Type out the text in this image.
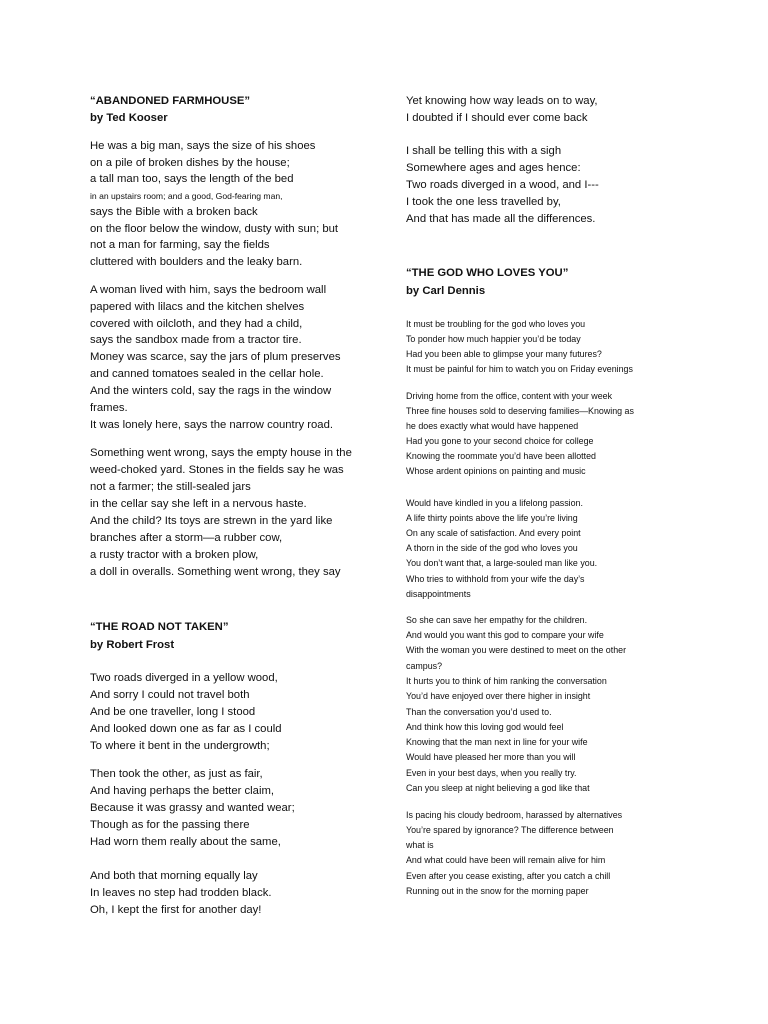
“ABANDONED FARMHOUSE”
by Ted Kooser
He was a big man, says the size of his shoes
on a pile of broken dishes by the house;
a tall man too, says the length of the bed
in an upstairs room; and a good, God-fearing man,
says the Bible with a broken back
on the floor below the window, dusty with sun; but
not a man for farming, say the fields
cluttered with boulders and the leaky barn.
A woman lived with him, says the bedroom wall
papered with lilacs and the kitchen shelves
covered with oilcloth, and they had a child,
says the sandbox made from a tractor tire.
Money was scarce, say the jars of plum preserves
and canned tomatoes sealed in the cellar hole.
And the winters cold, say the rags in the window
frames.
It was lonely here, says the narrow country road.
Something went wrong, says the empty house in the
weed-choked yard. Stones in the fields say he was
not a farmer; the still-sealed jars
in the cellar say she left in a nervous haste.
And the child? Its toys are strewn in the yard like
branches after a storm—a rubber cow,
a rusty tractor with a broken plow,
a doll in overalls. Something went wrong, they say
“THE ROAD NOT TAKEN”
by Robert Frost
Two roads diverged in a yellow wood,
And sorry I could not travel both
And be one traveller, long I stood
And looked down one as far as I could
To where it bent in the undergrowth;
Then took the other, as just as fair,
And having perhaps the better claim,
Because it was grassy and wanted wear;
Though as for the passing there
Had worn them really about the same,
And both that morning equally lay
In leaves no step had trodden black.
Oh, I kept the first for another day!
Yet knowing how way leads on to way,
I doubted if I should ever come back
I shall be telling this with a sigh
Somewhere ages and ages hence:
Two roads diverged in a wood, and I---
I took the one less travelled by,
And that has made all the differences.
“THE GOD WHO LOVES YOU”
by Carl Dennis
It must be troubling for the god who loves you
To ponder how much happier you’d be today
Had you been able to glimpse your many futures?
It must be painful for him to watch you on Friday evenings
Driving home from the office, content with your week
Three fine houses sold to deserving families—Knowing as
he does exactly what would have happened
Had you gone to your second choice for college
Knowing the roommate you’d have been allotted
Whose ardent opinions on painting and music
Would have kindled in you a lifelong passion.
A life thirty points above the life you’re living
On any scale of satisfaction. And every point
A thorn in the side of the god who loves you
You don’t want that, a large-souled man like you.
Who tries to withhold from your wife the day’s
disappointments
So she can save her empathy for the children.
And would you want this god to compare your wife
With the woman you were destined to meet on the other
campus?
It hurts you to think of him ranking the conversation
You’d have enjoyed over there higher in insight
Than the conversation you’d used to.
And think how this loving god would feel
Knowing that the man next in line for your wife
Would have pleased her more than you will
Even in your best days, when you really try.
Can you sleep at night believing a god like that
Is pacing his cloudy bedroom, harassed by alternatives
You’re spared by ignorance? The difference between
what is
And what could have been will remain alive for him
Even after you cease existing, after you catch a chill
Running out in the snow for the morning paper
